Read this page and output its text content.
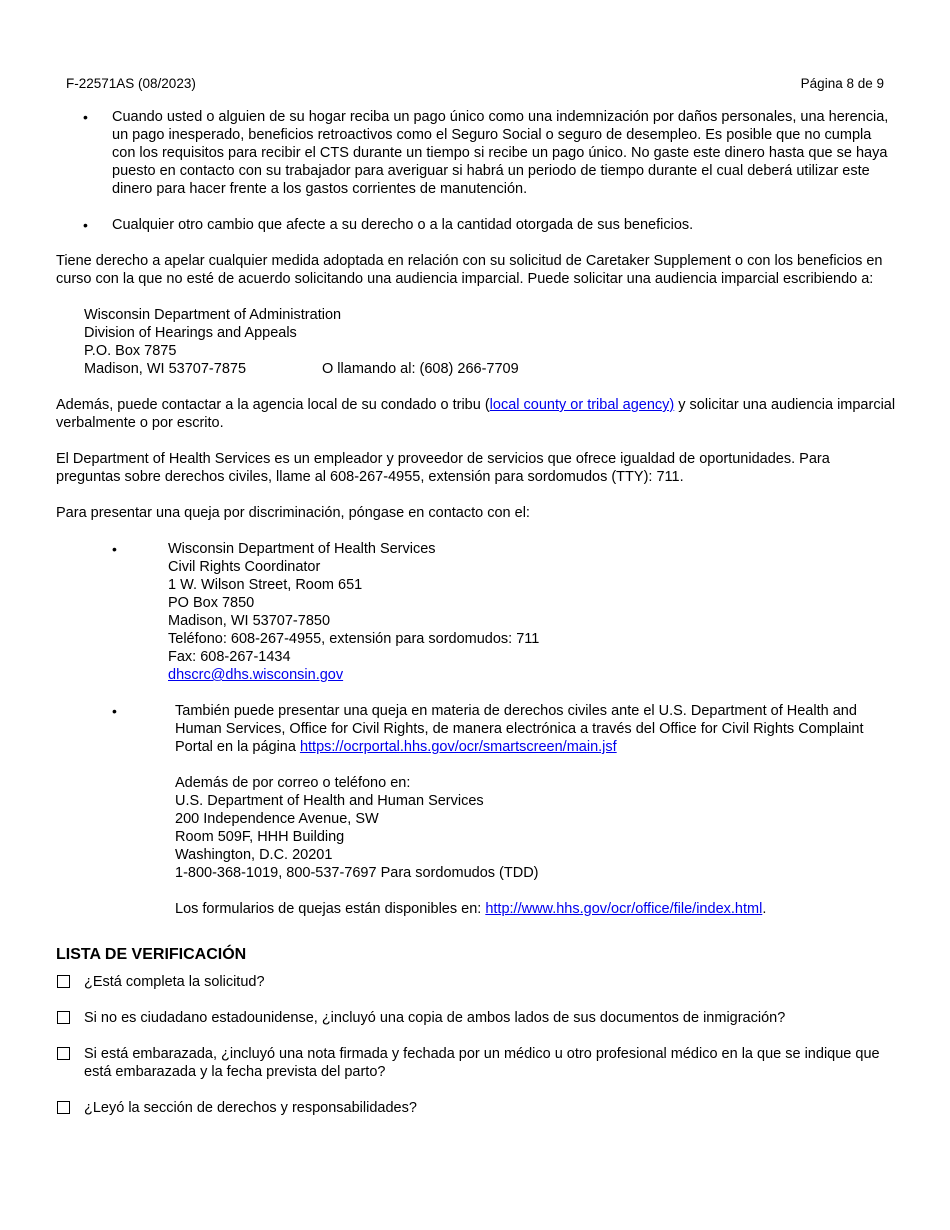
F-22571AS (08/2023)	Página 8 de 9
• Cuando usted o alguien de su hogar reciba un pago único como una indemnización por daños personales, una herencia, un pago inesperado, beneficios retroactivos como el Seguro Social o seguro de desempleo. Es posible que no cumpla con los requisitos para recibir el CTS durante un tiempo si recibe un pago único. No gaste este dinero hasta que se haya puesto en contacto con su trabajador para averiguar si habrá un periodo de tiempo durante el cual deberá utilizar este dinero para hacer frente a los gastos corrientes de manutención.

• Cualquier otro cambio que afecte a su derecho o a la cantidad otorgada de sus beneficios.

Tiene derecho a apelar cualquier medida adoptada en relación con su solicitud de Caretaker Supplement o con los beneficios en curso con la que no esté de acuerdo solicitando una audiencia imparcial. Puede solicitar una audiencia imparcial escribiendo a:

Wisconsin Department of Administration
Division of Hearings and Appeals
P.O. Box 7875
Madison, WI 53707-7875	O llamando al: (608) 266-7709

Además, puede contactar a la agencia local de su condado o tribu (local county or tribal agency) y solicitar una audiencia imparcial verbalmente o por escrito.

El Department of Health Services es un empleador y proveedor de servicios que ofrece igualdad de oportunidades. Para preguntas sobre derechos civiles, llame al 608-267-4955, extensión para sordomudos (TTY): 711.

Para presentar una queja por discriminación, póngase en contacto con el:

•	Wisconsin Department of Health Services
Civil Rights Coordinator
1 W. Wilson Street, Room 651
PO Box 7850
Madison, WI 53707-7850
Teléfono: 608-267-4955, extensión para sordomudos: 711
Fax: 608-267-1434
dhscrc@dhs.wisconsin.gov
•	También puede presentar una queja en materia de derechos civiles ante el U.S. Department of Health and Human Services, Office for Civil Rights, de manera electrónica a través del Office for Civil Rights Complaint Portal en la página https://ocrportal.hhs.gov/ocr/smartscreen/main.jsf

Además de por correo o teléfono en:
U.S. Department of Health and Human Services
200 Independence Avenue, SW
Room 509F, HHH Building
Washington, D.C. 20201
1-800-368-1019, 800-537-7697 Para sordomudos (TDD)

Los formularios de quejas están disponibles en: http://www.hhs.gov/ocr/office/file/index.html.

LISTA DE VERIFICACIÓN

¿Está completa la solicitud?
Si no es ciudadano estadounidense, ¿incluyó una copia de ambos lados de sus documentos de inmigración?
Si está embarazada, ¿incluyó una nota firmada y fechada por un médico u otro profesional médico en la que se indique que está embarazada y la fecha prevista del parto?
¿Leyó la sección de derechos y responsabilidades?
